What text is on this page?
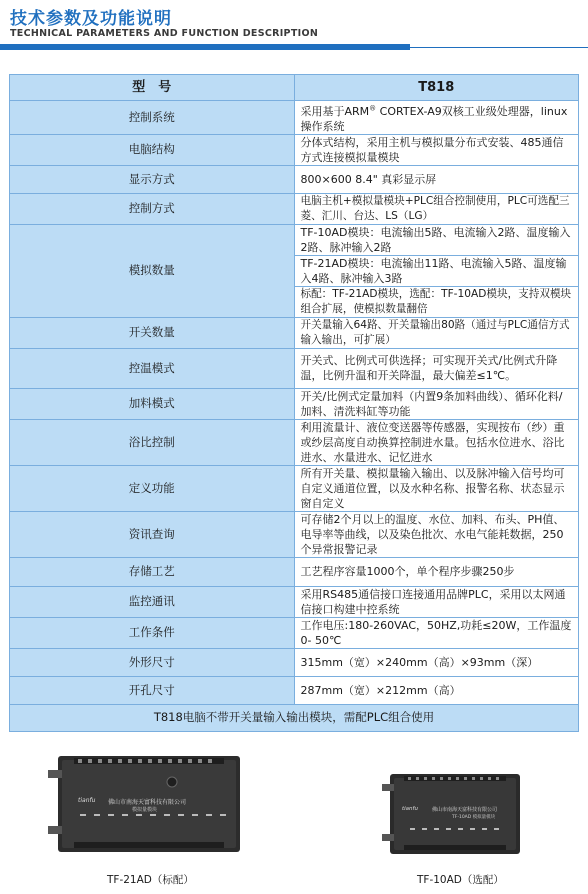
技术参数及功能说明
TECHNICAL PARAMETERS AND FUNCTION DESCRIPTION
型　号	T818
控制系统	采用基于ARM® CORTEX-A9双核工业级处理器，linux操作系统
电脑结构	分体式结构，采用主机与模拟量分布式安装、485通信方式连接模拟量模块
显示方式	800×600 8.4" 真彩显示屏
控制方式	电脑主机+模拟量模块+PLC组合控制使用，PLC可选配三菱、汇川、台达、LS（LG）
模拟数量	TF-10AD模块：电流输出5路、电流输入2路、温度输入2路、脉冲输入2路
	TF-21AD模块：电流输出11路、电流输入5路、温度输入4路、脉冲输入3路
	标配：TF-21AD模块，选配：TF-10AD模块，支持双模块组合扩展，使模拟数量翻倍
开关数量	开关量输入64路、开关量输出80路（通过与PLC通信方式输入输出，可扩展）
控温模式	开关式、比例式可供选择；可实现开关式/比例式升降温，比例升温和开关降温，最大偏差≤1℃。
加料模式	开关/比例式定量加料（内置9条加料曲线）、循环化料/加料、清洗料缸等功能
浴比控制	利用流量计、液位变送器等传感器，实现按布（纱）重或纱层高度自动换算控制进水量。包括水位进水、浴比进水、水量进水、记忆进水
定义功能	所有开关量、模拟量输入输出、以及脉冲输入信号均可自定义通道位置，以及水种名称、报警名称、状态显示窗自定义
资讯查询	可存储2个月以上的温度、水位、加料、布头、PH值、电导率等曲线，以及染色批次、水电气能耗数据，250个异常报警记录
存储工艺	工艺程序容量1000个，单个程序步骤250步
监控通讯	采用RS485通信接口连接通用品牌PLC，采用以太网通信接口构建中控系统
工作条件	工作电压:180-260VAC，50HZ,功耗≤20W，工作温度0- 50℃
外形尺寸	315mm（宽）×240mm（高）×93mm（深）
开孔尺寸	287mm（宽）×212mm（高）
T818电脑不带开关量输入输出模块，需配PLC组合使用	
tianfu 佛山市南海天富科技有限公司
模拟量模块
TF-21AD（标配）
tianfu	佛山市南海天富科技有限公司
TF-10AD 模拟量模块
TF-10AD（选配）
